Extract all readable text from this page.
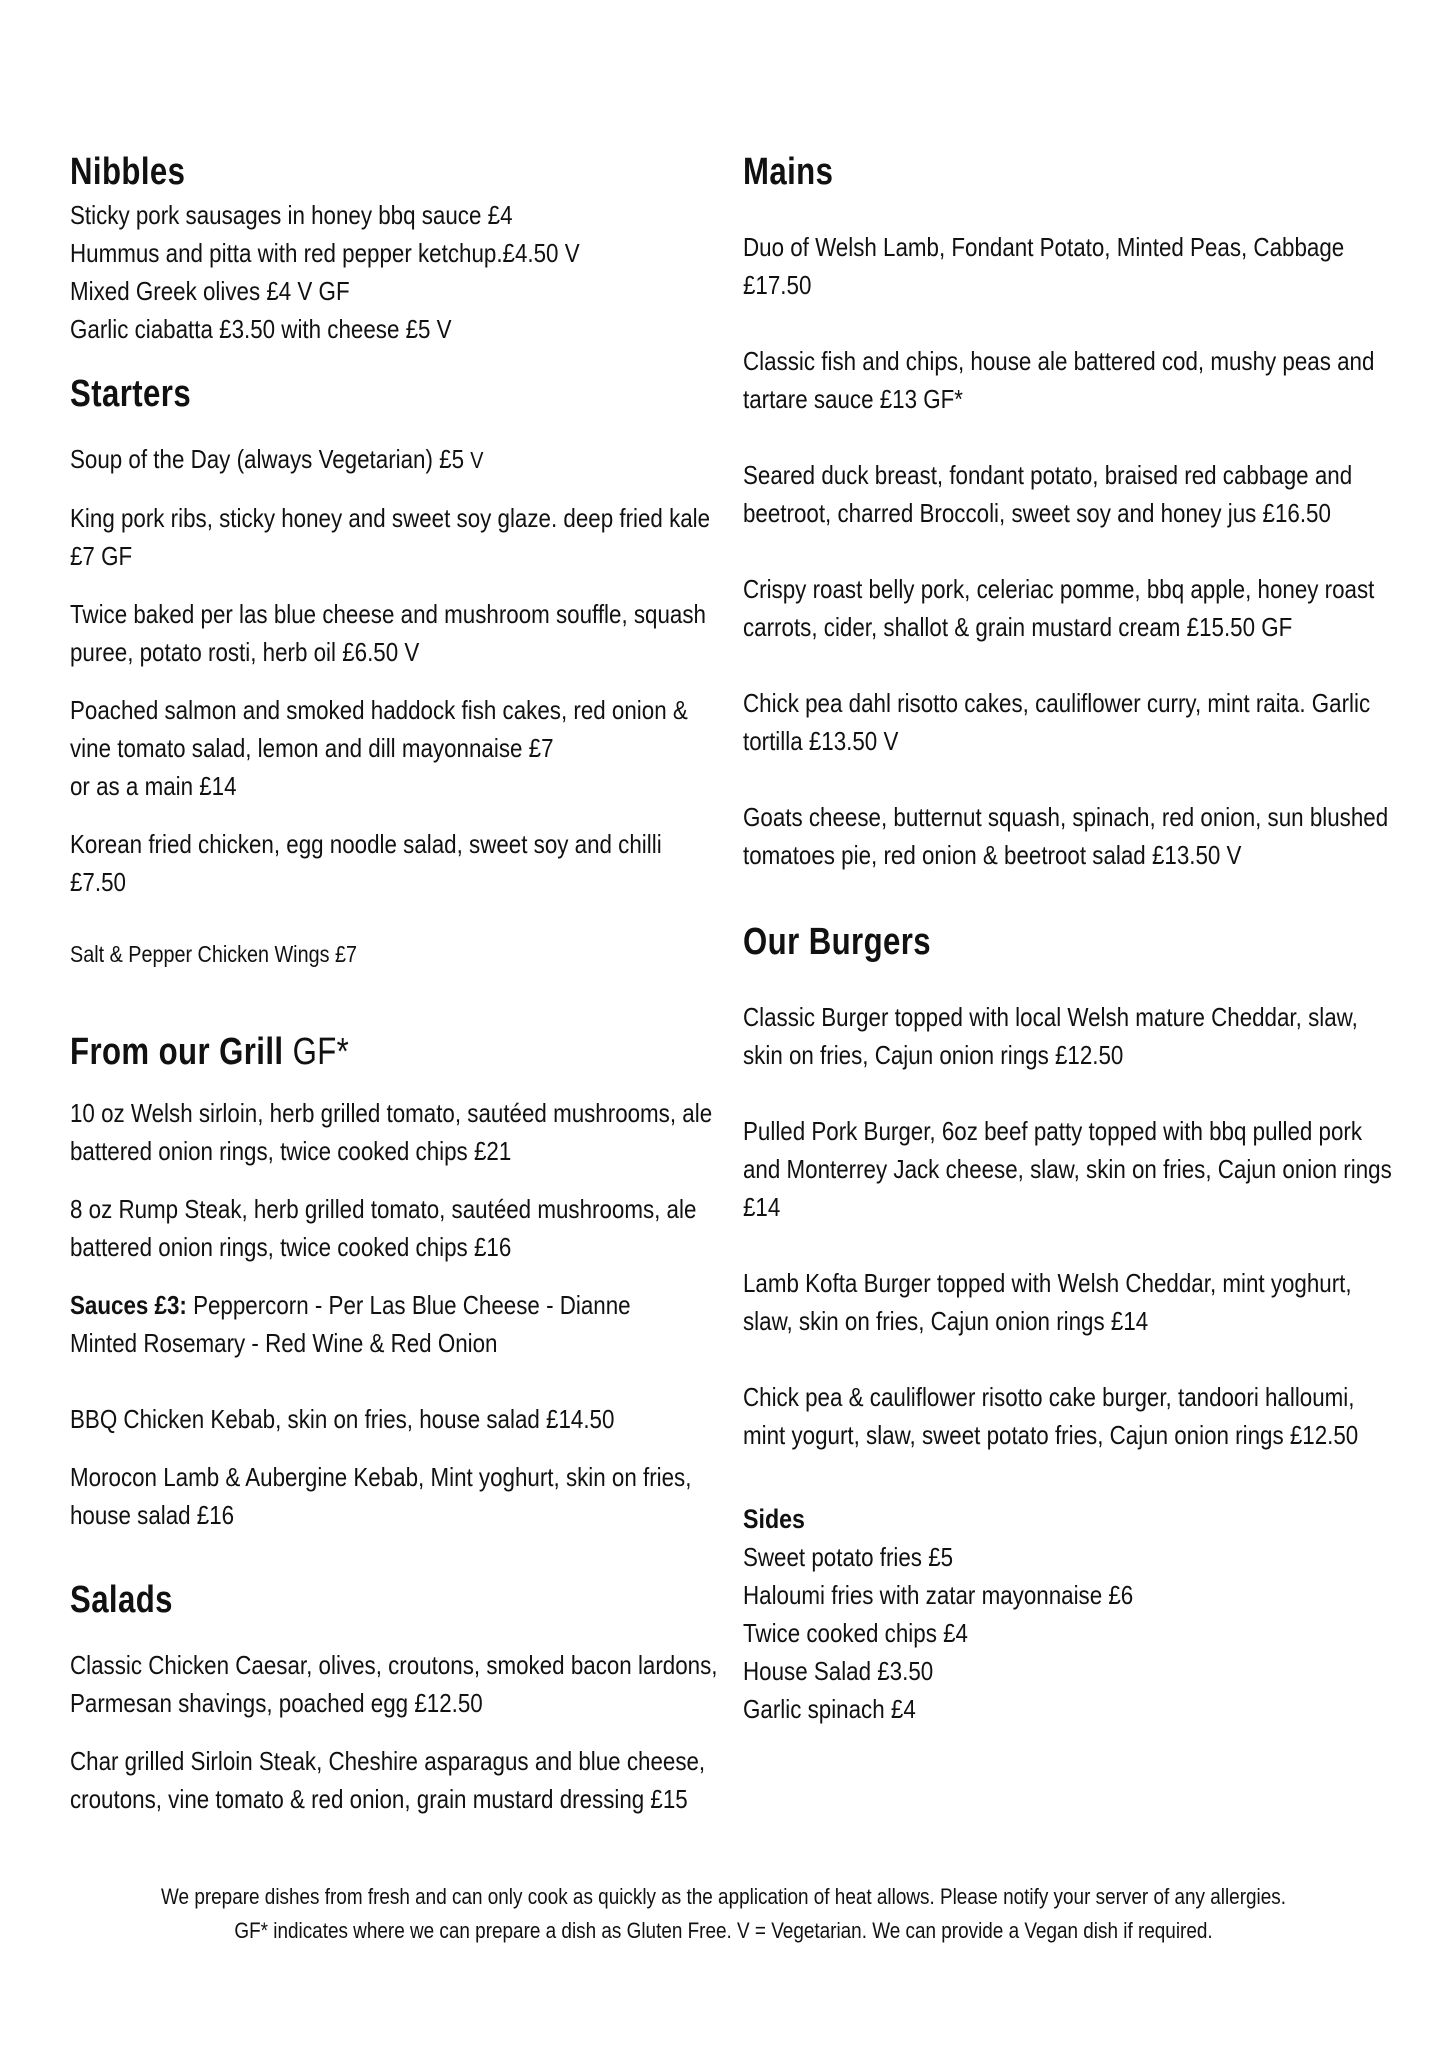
Nibbles
Sticky pork sausages in honey bbq sauce £4
Hummus and pitta with red pepper ketchup.£4.50 V
Mixed Greek olives £4 V GF
Garlic ciabatta £3.50 with cheese £5 V
Starters
Soup of the Day (always Vegetarian) £5 V
King pork ribs, sticky honey and sweet soy glaze. deep fried kale £7 GF
Twice baked per las blue cheese and mushroom souffle, squash puree, potato rosti, herb oil £6.50 V
Poached salmon and smoked haddock fish cakes, red onion & vine tomato salad, lemon and dill mayonnaise £7
or as a main £14
Korean fried chicken, egg noodle salad, sweet soy and chilli £7.50
Salt & Pepper Chicken Wings £7
From our Grill GF*
10 oz Welsh sirloin, herb grilled tomato, sautéed mushrooms, ale battered onion rings, twice cooked chips £21
8 oz Rump Steak, herb grilled tomato, sautéed mushrooms, ale battered onion rings, twice cooked chips £16
Sauces £3: Peppercorn - Per Las Blue Cheese - Dianne
Minted Rosemary - Red Wine & Red Onion
BBQ Chicken Kebab, skin on fries, house salad £14.50
Morocon Lamb & Aubergine Kebab, Mint yoghurt, skin on fries, house salad £16
Salads
Classic Chicken Caesar, olives, croutons, smoked bacon lardons, Parmesan shavings, poached egg £12.50
Char grilled Sirloin Steak, Cheshire asparagus and blue cheese, croutons, vine tomato & red onion, grain mustard dressing £15
Mains
Duo of Welsh Lamb, Fondant Potato, Minted Peas, Cabbage £17.50
Classic fish and chips, house ale battered cod, mushy peas and tartare sauce £13 GF*
Seared duck breast, fondant potato, braised red cabbage and beetroot, charred Broccoli, sweet soy and honey jus £16.50
Crispy roast belly pork, celeriac pomme, bbq apple, honey roast carrots, cider, shallot & grain mustard cream £15.50 GF
Chick pea dahl risotto cakes, cauliflower curry, mint raita. Garlic tortilla £13.50 V
Goats cheese, butternut squash, spinach, red onion, sun blushed tomatoes pie, red onion & beetroot salad £13.50 V
Our Burgers
Classic Burger topped with local Welsh mature Cheddar, slaw, skin on fries, Cajun onion rings £12.50
Pulled Pork Burger, 6oz beef patty topped with bbq pulled pork and Monterrey Jack cheese, slaw, skin on fries, Cajun onion rings £14
Lamb Kofta Burger topped with Welsh Cheddar, mint yoghurt, slaw, skin on fries, Cajun onion rings £14
Chick pea & cauliflower risotto cake burger, tandoori halloumi, mint yogurt, slaw, sweet potato fries, Cajun onion rings £12.50
Sides
Sweet potato fries £5
Haloumi fries with zatar mayonnaise £6
Twice cooked chips £4
House Salad £3.50
Garlic spinach £4
We prepare dishes from fresh and can only cook as quickly as the application of heat allows. Please notify your server of any allergies.
GF* indicates where we can prepare a dish as Gluten Free. V = Vegetarian. We can provide a Vegan dish if required.
